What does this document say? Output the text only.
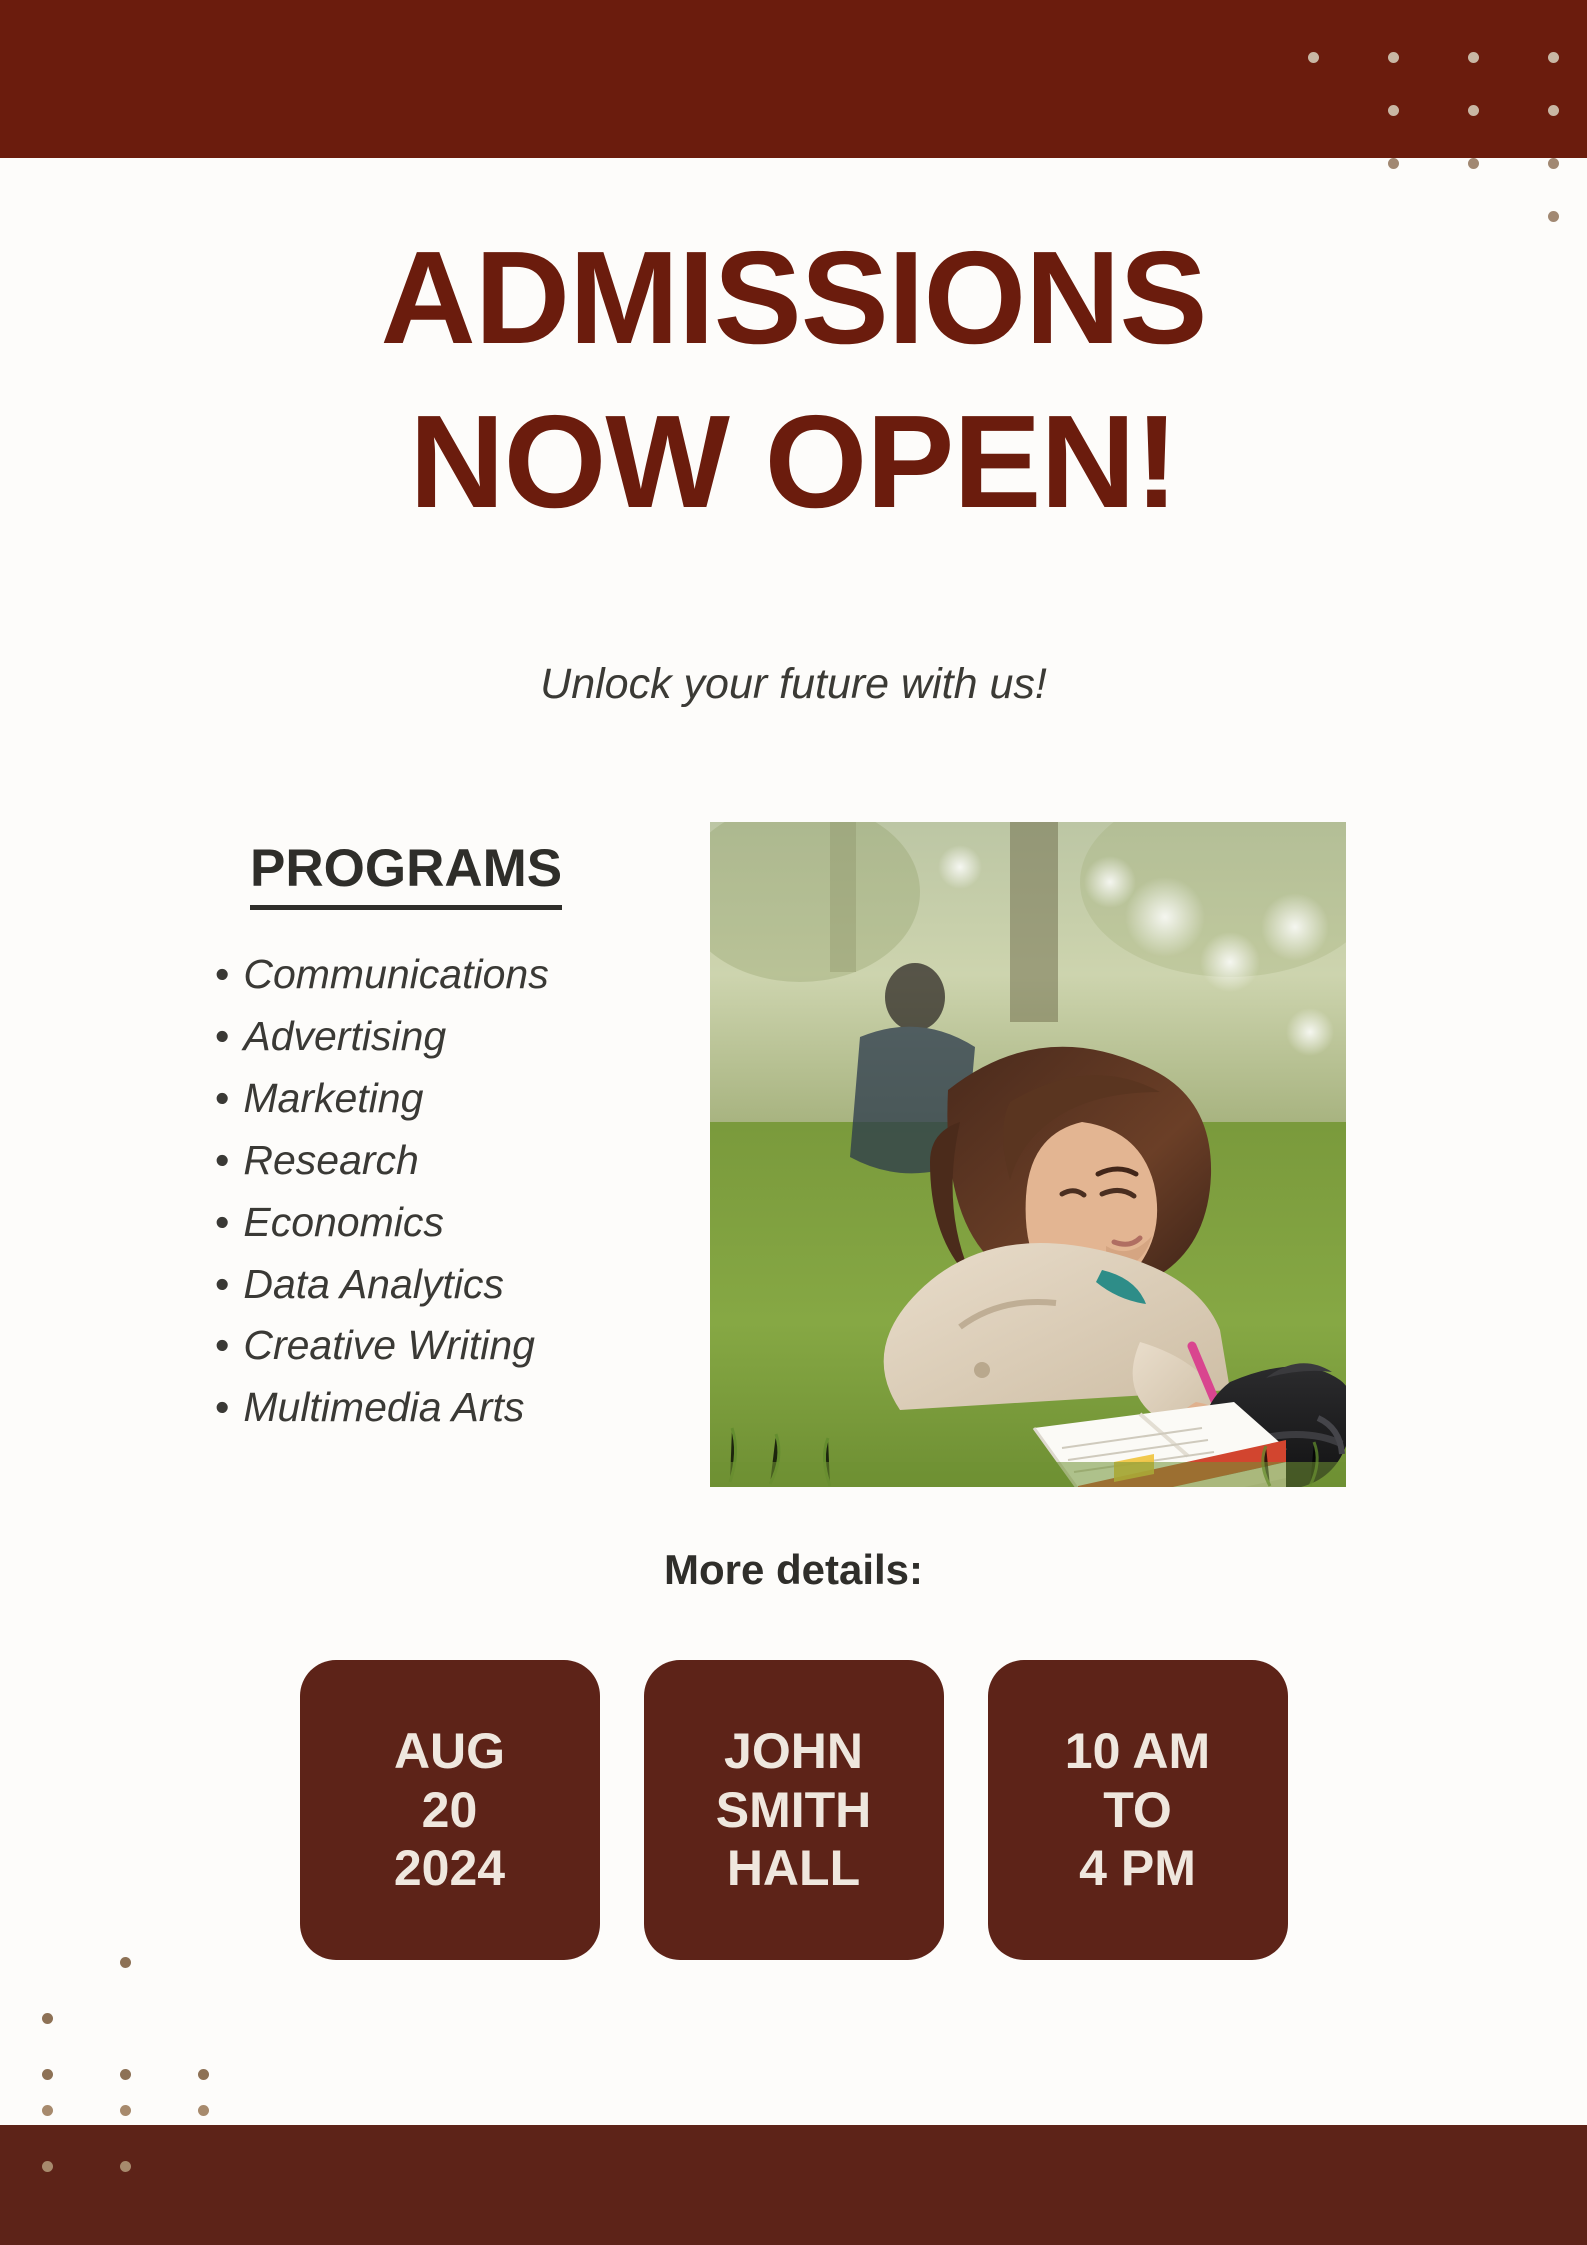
ADMISSIONS
NOW OPEN!
Unlock your future with us!
PROGRAMS
• Communications
• Advertising
• Marketing
• Research
• Economics
• Data Analytics
• Creative Writing
• Multimedia Arts
More details:
AUG
20
2024
JOHN
SMITH
HALL
10 AM
TO
4 PM
